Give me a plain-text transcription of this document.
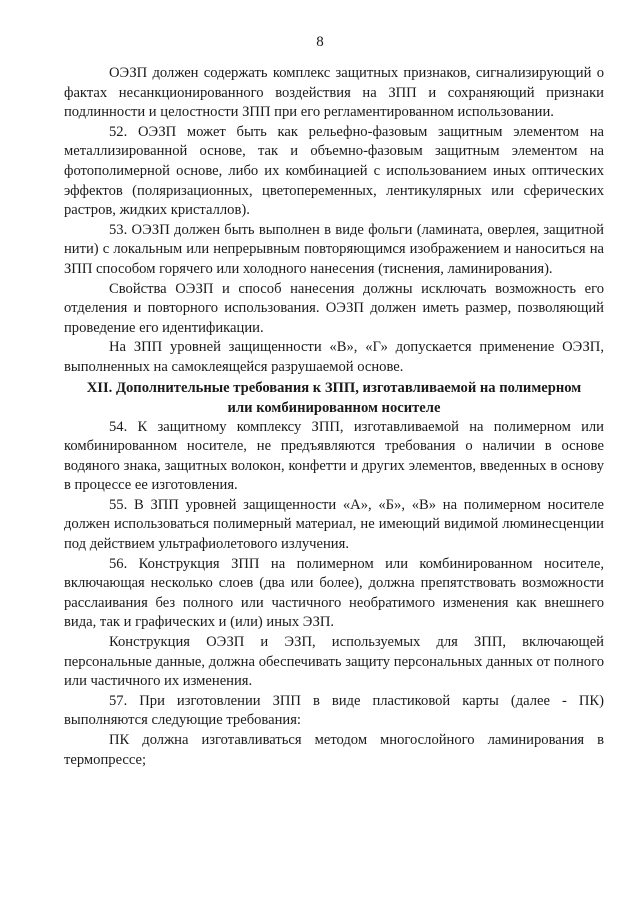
8

ОЭЗП должен содержать комплекс защитных признаков, сигнализирующий о фактах несанкционированного воздействия на ЗПП и сохраняющий признаки подлинности и целостности ЗПП при его регламентированном использовании.

52. ОЭЗП может быть как рельефно-фазовым защитным элементом на металлизированной основе, так и объемно-фазовым защитным элементом на фотополимерной основе, либо их комбинацией с использованием иных оптических эффектов (поляризационных, цветопеременных, лентикулярных или сферических растров, жидких кристаллов).

53. ОЭЗП должен быть выполнен в виде фольги (ламината, оверлея, защитной нити) с локальным или непрерывным повторяющимся изображением и наноситься на ЗПП способом горячего или холодного нанесения (тиснения, ламинирования).

Свойства ОЭЗП и способ нанесения должны исключать возможность его отделения и повторного использования. ОЭЗП должен иметь размер, позволяющий проведение его идентификации.

На ЗПП уровней защищенности «В», «Г» допускается применение ОЭЗП, выполненных на самоклеящейся разрушаемой основе.

XII. Дополнительные требования к ЗПП, изготавливаемой на полимерном
или комбинированном носителе

54. К защитному комплексу ЗПП, изготавливаемой на полимерном или комбинированном носителе, не предъявляются требования о наличии в основе водяного знака, защитных волокон, конфетти и других элементов, введенных в основу в процессе ее изготовления.

55. В ЗПП уровней защищенности «А», «Б», «В» на полимерном носителе должен использоваться полимерный материал, не имеющий видимой люминесценции под действием ультрафиолетового излучения.

56. Конструкция ЗПП на полимерном или комбинированном носителе, включающая несколько слоев (два или более), должна препятствовать возможности расслаивания без полного или частичного необратимого изменения как внешнего вида, так и графических и (или) иных ЭЗП.

Конструкция ОЭЗП и ЭЗП, используемых для ЗПП, включающей персональные данные, должна обеспечивать защиту персональных данных от полного или частичного их изменения.

57. При изготовлении ЗПП в виде пластиковой карты (далее - ПК) выполняются следующие требования:

ПК должна изготавливаться методом многослойного ламинирования в термопрессе;
